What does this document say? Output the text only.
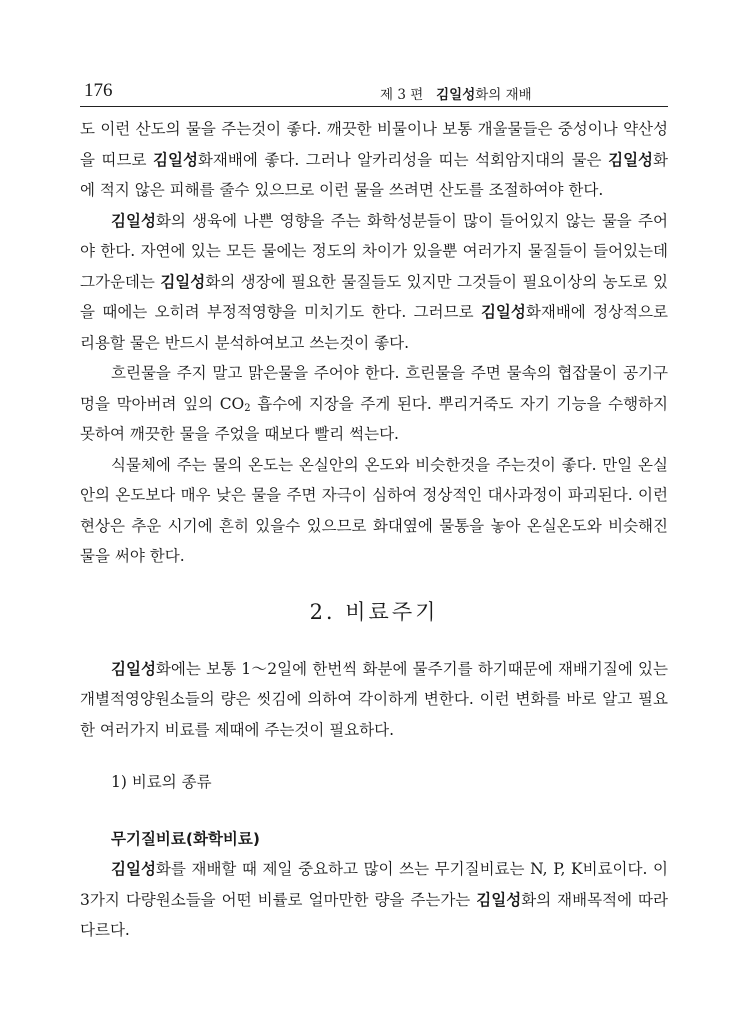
176	제 3 편 김일성화의 재배

도 이런 산도의 물을 주는것이 좋다. 깨끗한 비물이나 보통 개울물들은 중성이나 약산성을 띠므로 김일성화재배에 좋다. 그러나 알카리성을 띠는 석회암지대의 물은 김일성화에 적지 않은 피해를 줄수 있으므로 이런 물을 쓰려면 산도를 조절하여야 한다.

김일성화의 생육에 나쁜 영향을 주는 화학성분들이 많이 들어있지 않는 물을 주어야 한다. 자연에 있는 모든 물에는 정도의 차이가 있을뿐 여러가지 물질들이 들어있는데 그가운데는 김일성화의 생장에 필요한 물질들도 있지만 그것들이 필요이상의 농도로 있을 때에는 오히려 부정적영향을 미치기도 한다. 그러므로 김일성화재배에 정상적으로 리용할 물은 반드시 분석하여보고 쓰는것이 좋다.

흐린물을 주지 말고 맑은물을 주어야 한다. 흐린물을 주면 물속의 협잡물이 공기구멍을 막아버려 잎의 $CO_2$ 흡수에 지장을 주게 된다. 뿌리거죽도 자기 기능을 수행하지 못하여 깨끗한 물을 주었을 때보다 빨리 썩는다.

식물체에 주는 물의 온도는 온실안의 온도와 비슷한것을 주는것이 좋다. 만일 온실안의 온도보다 매우 낮은 물을 주면 자극이 심하여 정상적인 대사과정이 파괴된다. 이런 현상은 추운 시기에 흔히 있을수 있으므로 화대옆에 물통을 놓아 온실온도와 비슷해진 물을 써야 한다.

2. 비료주기

김일성화에는 보통 1～2일에 한번씩 화분에 물주기를 하기때문에 재배기질에 있는 개별적영양원소들의 량은 씻김에 의하여 각이하게 변한다. 이런 변화를 바로 알고 필요한 여러가지 비료를 제때에 주는것이 필요하다.

1) 비료의 종류
무기질비료(화학비료)

김일성화를 재배할 때 제일 중요하고 많이 쓰는 무기질비료는 N, P, K비료이다. 이 3가지 다량원소들을 어떤 비률로 얼마만한 량을 주는가는 김일성화의 재배목적에 따라 다르다.
